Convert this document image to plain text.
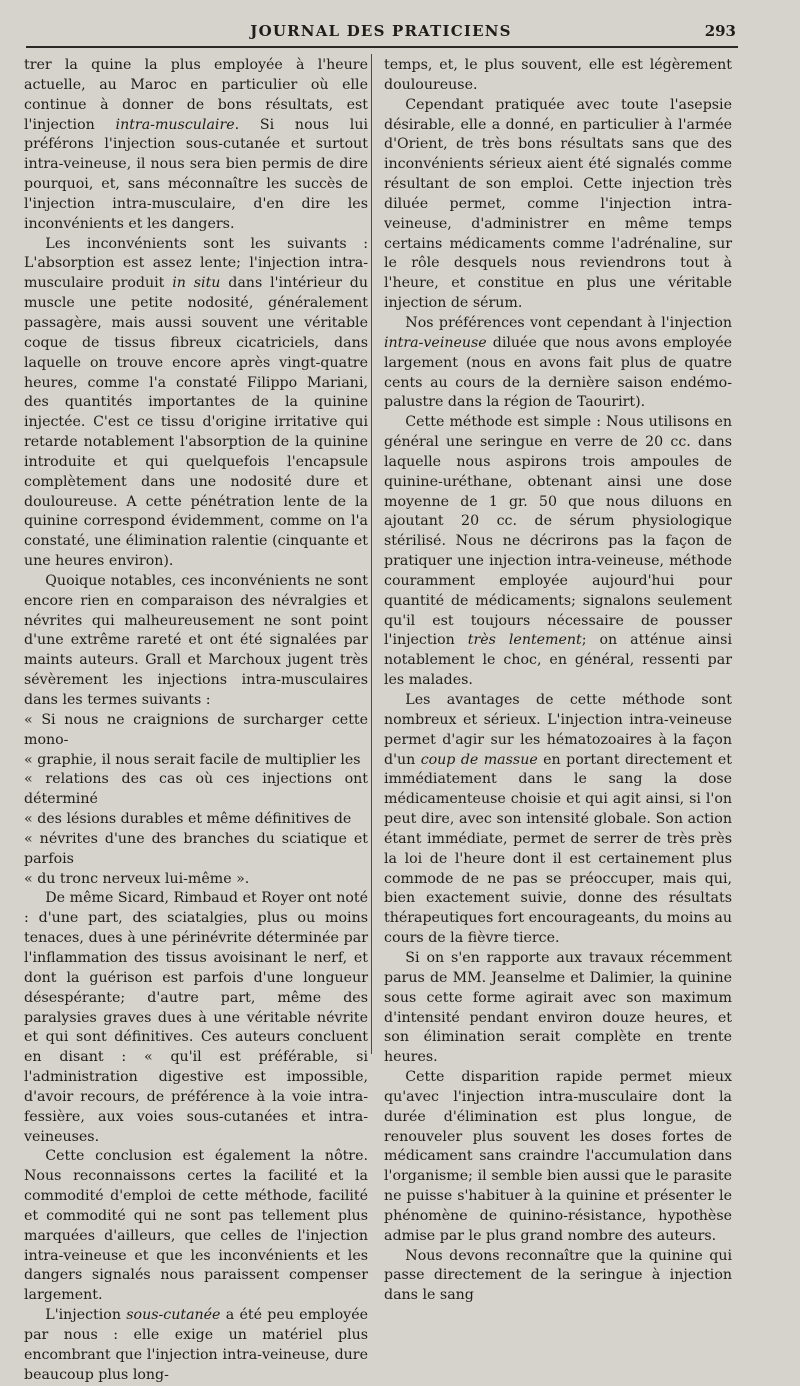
JOURNAL DES PRATICIENS	293

trer la quine la plus employée à l'heure actuelle, au Maroc en particulier où elle continue à donner de bons résultats, est l'injection intra-musculaire. Si nous lui préférons l'injection sous-cutanée et surtout intra-veineuse, il nous sera bien permis de dire pourquoi, et, sans méconnaître les succès de l'injection intra-musculaire, d'en dire les inconvénients et les dangers.

Les inconvénients sont les suivants : L'absorption est assez lente; l'injection intra-musculaire produit in situ dans l'intérieur du muscle une petite nodosité, généralement passagère, mais aussi souvent une véritable coque de tissus fibreux cicatriciels, dans laquelle on trouve encore après vingt-quatre heures, comme l'a constaté Filippo Mariani, des quantités importantes de la quinine injectée. C'est ce tissu d'origine irritative qui retarde notablement l'absorption de la quinine introduite et qui quelquefois l'encapsule complètement dans une nodosité dure et douloureuse. A cette pénétration lente de la quinine correspond évidemment, comme on l'a constaté, une élimination ralentie (cinquante et une heures environ).

Quoique notables, ces inconvénients ne sont encore rien en comparaison des névralgies et névrites qui malheureusement ne sont point d'une extrême rareté et ont été signalées par maints auteurs. Grall et Marchoux jugent très sévèrement les injections intra-musculaires dans les termes suivants :

« Si nous ne craignions de surcharger cette mono-
« graphie, il nous serait facile de multiplier les
« relations des cas où ces injections ont déterminé
« des lésions durables et même définitives de
« névrites d'une des branches du sciatique et parfois
« du tronc nerveux lui-même ».

De même Sicard, Rimbaud et Royer ont noté : d'une part, des sciatalgies, plus ou moins tenaces, dues à une périnévrite déterminée par l'inflammation des tissus avoisinant le nerf, et dont la guérison est parfois d'une longueur désespérante; d'autre part, même des paralysies graves dues à une véritable névrite et qui sont définitives. Ces auteurs concluent en disant : « qu'il est préférable, si l'administration digestive est impossible, d'avoir recours, de préférence à la voie intra-fessière, aux voies sous-cutanées et intra-veineuses.

Cette conclusion est également la nôtre. Nous reconnaissons certes la facilité et la commodité d'emploi de cette méthode, facilité et commodité qui ne sont pas tellement plus marquées d'ailleurs, que celles de l'injection intra-veineuse et que les inconvénients et les dangers signalés nous paraissent compenser largement.

L'injection sous-cutanée a été peu employée par nous : elle exige un matériel plus encombrant que l'injection intra-veineuse, dure beaucoup plus long-

temps, et, le plus souvent, elle est légèrement douloureuse.

Cependant pratiquée avec toute l'asepsie désirable, elle a donné, en particulier à l'armée d'Orient, de très bons résultats sans que des inconvénients sérieux aient été signalés comme résultant de son emploi. Cette injection très diluée permet, comme l'injection intra-veineuse, d'administrer en même temps certains médicaments comme l'adrénaline, sur le rôle desquels nous reviendrons tout à l'heure, et constitue en plus une véritable injection de sérum.

Nos préférences vont cependant à l'injection intra-veineuse diluée que nous avons employée largement (nous en avons fait plus de quatre cents au cours de la dernière saison endémo-palustre dans la région de Taourirt).

Cette méthode est simple : Nous utilisons en général une seringue en verre de 20 cc. dans laquelle nous aspirons trois ampoules de quinine-uréthane, obtenant ainsi une dose moyenne de 1 gr. 50 que nous diluons en ajoutant 20 cc. de sérum physiologique stérilisé. Nous ne décrirons pas la façon de pratiquer une injection intra-veineuse, méthode couramment employée aujourd'hui pour quantité de médicaments; signalons seulement qu'il est toujours nécessaire de pousser l'injection très lentement; on atténue ainsi notablement le choc, en général, ressenti par les malades.

Les avantages de cette méthode sont nombreux et sérieux. L'injection intra-veineuse permet d'agir sur les hématozoaires à la façon d'un coup de massue en portant directement et immédiatement dans le sang la dose médicamenteuse choisie et qui agit ainsi, si l'on peut dire, avec son intensité globale. Son action étant immédiate, permet de serrer de très près la loi de l'heure dont il est certainement plus commode de ne pas se préoccuper, mais qui, bien exactement suivie, donne des résultats thérapeutiques fort encourageants, du moins au cours de la fièvre tierce.

Si on s'en rapporte aux travaux récemment parus de MM. Jeanselme et Dalimier, la quinine sous cette forme agirait avec son maximum d'intensité pendant environ douze heures, et son élimination serait complète en trente heures.

Cette disparition rapide permet mieux qu'avec l'injection intra-musculaire dont la durée d'élimination est plus longue, de renouveler plus souvent les doses fortes de médicament sans craindre l'accumulation dans l'organisme; il semble bien aussi que le parasite ne puisse s'habituer à la quinine et présenter le phénomène de quinino-résistance, hypothèse admise par le plus grand nombre des auteurs.

Nous devons reconnaître que la quinine qui passe directement de la seringue à injection dans le sang
